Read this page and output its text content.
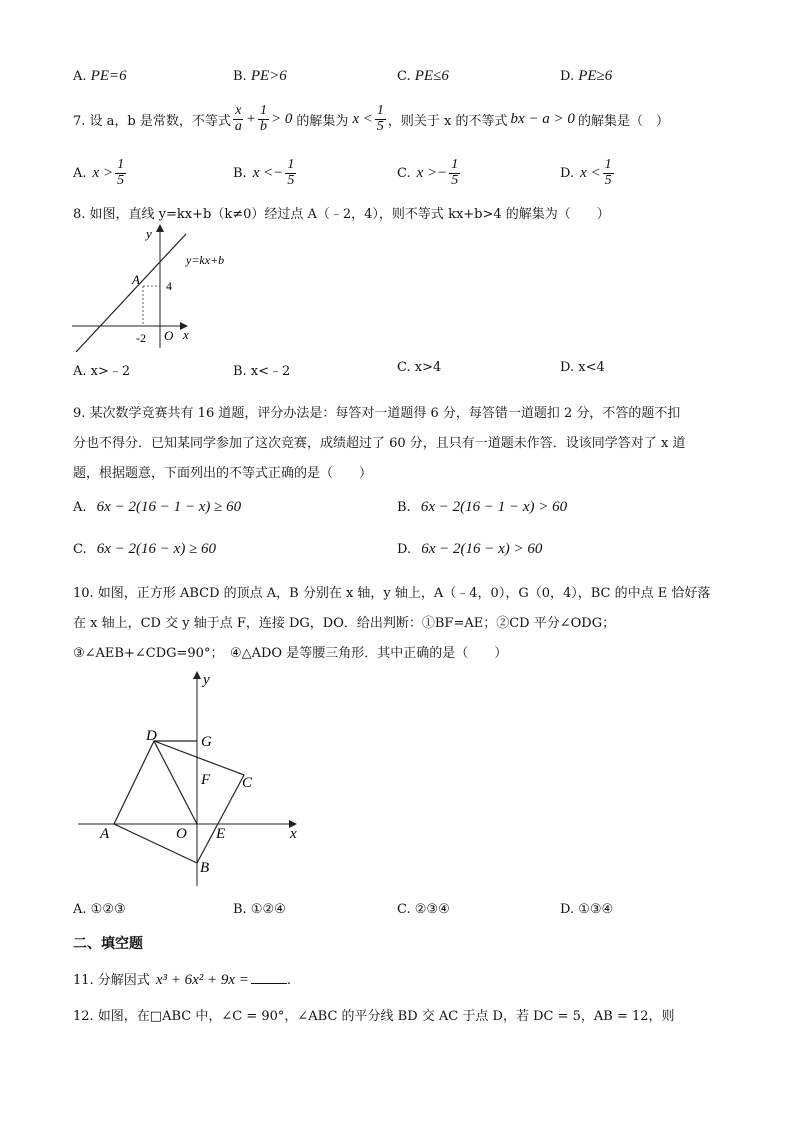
A. PE=6	B. PE>6	C. PE≤6	D. PE≥6
7. 设 a，b 是常数，不等式 $\frac{x}{a} + \frac{1}{b} > 0$ 的解集为 $x < \frac{1}{5}$ ，则关于 x 的不等式 bx − a > 0 的解集是（　）
A. $x > \frac{1}{5}$	B. x < − $\frac{1}{5}$	C. x > − $\frac{1}{5}$	D. $x < \frac{1}{5}$
8. 如图，直线 y=kx+b（k≠0）经过点 A（﹣2，4），则不等式 kx+b>4 的解集为（　　）
y
x
O
y=kx+b
A 4
-2
A. x>﹣2	B. x<﹣2	C. x>4	D. x<4
9. 某次数学竞赛共有 16 道题，评分办法是：每答对一道题得 6 分，每答错一道题扣 2 分，不答的题不扣
分也不得分．已知某同学参加了这次竞赛，成绩超过了 60 分，且只有一道题未作答．设该同学答对了 x 道
题，根据题意，下面列出的不等式正确的是（　　）
A. 6x − 2(16 − 1 − x) ≥ 60	B. 6x − 2(16 − 1 − x) > 60
C. 6x − 2(16 − x) ≥ 60	D. 6x − 2(16 − x) > 60
10. 如图，正方形 ABCD 的顶点 A，B 分别在 x 轴，y 轴上，A（﹣4，0），G（0，4），BC 的中点 E 恰好落
在 x 轴上，CD 交 y 轴于点 F，连接 DG，DO．给出判断：①BF=AE；②CD 平分∠ODG；
③∠AEB+∠CDG=90°；　④△ADO 是等腰三角形．其中正确的是（　　）
y
x
A
B
C
D
E
F
G
O
A. ①②③	B. ①②④	C. ②③④	D. ①③④
二、填空题
11. 分解因式 x³ + 6x² + 9x =	.
12. 如图，在□ABC 中，∠C = 90°，∠ABC 的平分线 BD 交 AC 于点 D，若 DC = 5，AB = 12，则
